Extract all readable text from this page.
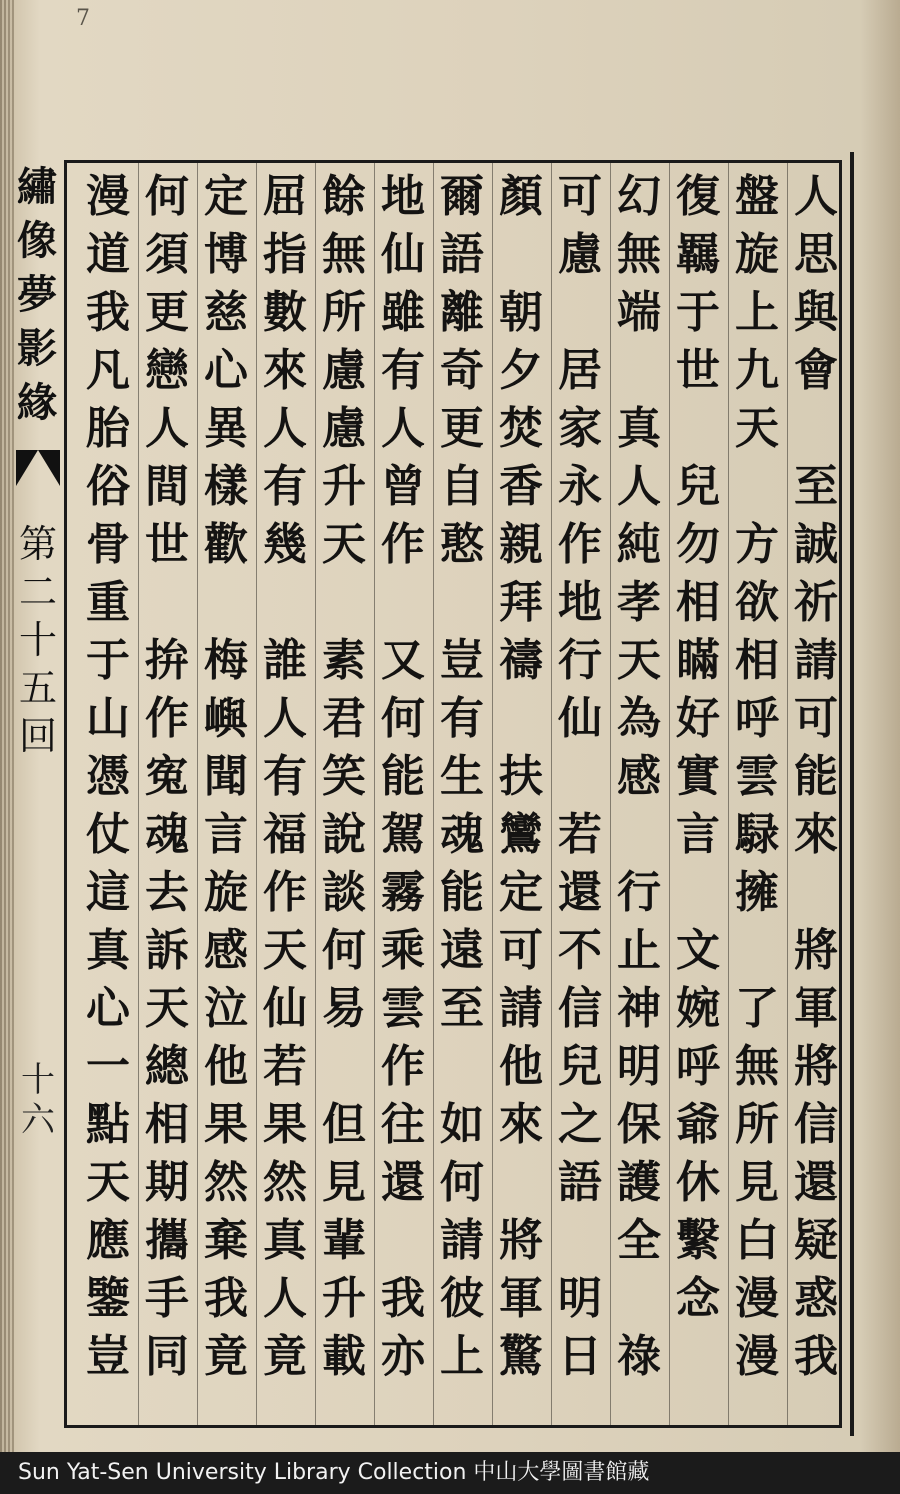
7
繡
像
夢
影
緣
第
二
十
五
回
十
六
人
思
與
會

至
誠
祈
請
可
能
來

將
軍
將
信
還
疑
惑
我
盤
旋
上
九
天

方
欲
相
呼
雲
騄
擁

了
無
所
見
白
漫
漫
復
羈
于
世

兒
勿
相
瞞
好
實
言

文
婉
呼
爺
休
繫
念

幻
無
端

真
人
純
孝
天
為
感

行
止
神
明
保
護
全

祿
可
慮

居
家
永
作
地
行
仙

若
還
不
信
兒
之
語

明
日
顏

朝
夕
焚
香
親
拜
禱

扶
鸞
定
可
請
他
來

將
軍
驚
爾
語
離
奇
更
自
憨

豈
有
生
魂
能
遠
至

如
何
請
彼
上
地
仙
雖
有
人
曾
作

又
何
能
駕
霧
乘
雲
作
往
還

我
亦
餘
無
所
慮
慮
升
天

素
君
笑
說
談
何
易

但
見
輩
升
載
屈
指
數
來
人
有
幾

誰
人
有
福
作
天
仙
若
果
然
真
人
竟
定
博
慈
心
異
樣
歡

梅
嶼
聞
言
旋
感
泣
他
果
然
棄
我
竟
何
須
更
戀
人
間
世

拚
作
寃
魂
去
訴
天
總
相
期
攜
手
同
漫
道
我
凡
胎
俗
骨
重
于
山
憑
仗
這
真
心
一
點
天
應
鑒
豈
Sun Yat-Sen University Library Collection 中山大學圖書館藏
